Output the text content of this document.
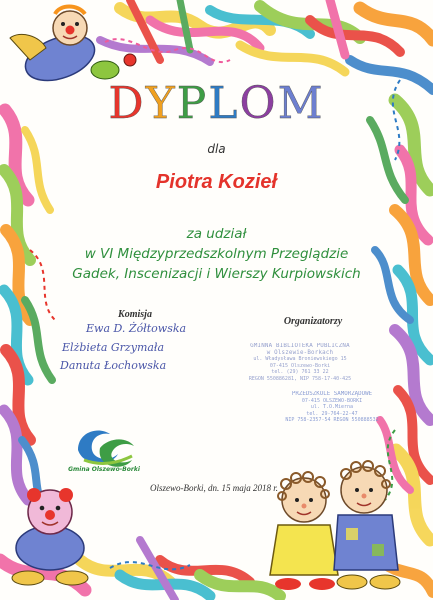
DYPLOM
dla
Piotra Kozieł
za udział
w VI Międzyprzedszkolnym Przeglądzie
Gadek, Inscenizacji i Wierszy Kurpiowskich
Komisja
Ewa D. Żółtowska
Elżbieta Grzymała
Danuta Łochowska
Organizatorzy
GMINNA BIBLIOTEKA PUBLICZNA
w Olszewie-Borkach
ul. Władysława Broniewskiego 15
07-415 Olszewo-Borki
tel. (29) 761 33 22
REGON 550886281, NIP 758-17-40-425
PRZEDSZKOLE SAMORZĄDOWE
07-415 OLSZEWO-BORKI
ul. T.O.Mierna
tel. 29-764-22-47
NIP 758-2357-54 REGON 550888532
Gmina Olszewo-Borki
Olszewo-Borki, dn. 15 maja 2018 r.
